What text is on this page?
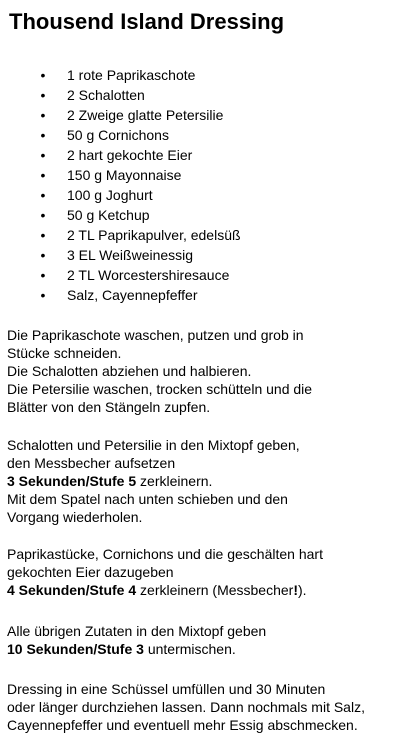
Thousend Island Dressing
• 1 rote Paprikaschote
• 2 Schalotten
• 2 Zweige glatte Petersilie
• 50 g Cornichons
• 2 hart gekochte Eier
• 150 g Mayonnaise
• 100 g Joghurt
• 50 g Ketchup
• 2 TL Paprikapulver, edelsüß
• 3 EL Weißweinessig
• 2 TL Worcestershiresauce
• Salz, Cayennepfeffer

Die Paprikaschote waschen, putzen und grob in
Stücke schneiden.
Die Schalotten abziehen und halbieren.
Die Petersilie waschen, trocken schütteln und die
Blätter von den Stängeln zupfen.

Schalotten und Petersilie in den Mixtopf geben,
den Messbecher aufsetzen
3 Sekunden/Stufe 5 zerkleinern.
Mit dem Spatel nach unten schieben und den
Vorgang wiederholen.

Paprikastücke, Cornichons und die geschälten hart
gekochten Eier dazugeben
4 Sekunden/Stufe 4 zerkleinern (Messbecher!).

Alle übrigen Zutaten in den Mixtopf geben
10 Sekunden/Stufe 3 untermischen.

Dressing in eine Schüssel umfüllen und 30 Minuten
oder länger durchziehen lassen. Dann nochmals mit Salz,
Cayennepfeffer und eventuell mehr Essig abschmecken.
